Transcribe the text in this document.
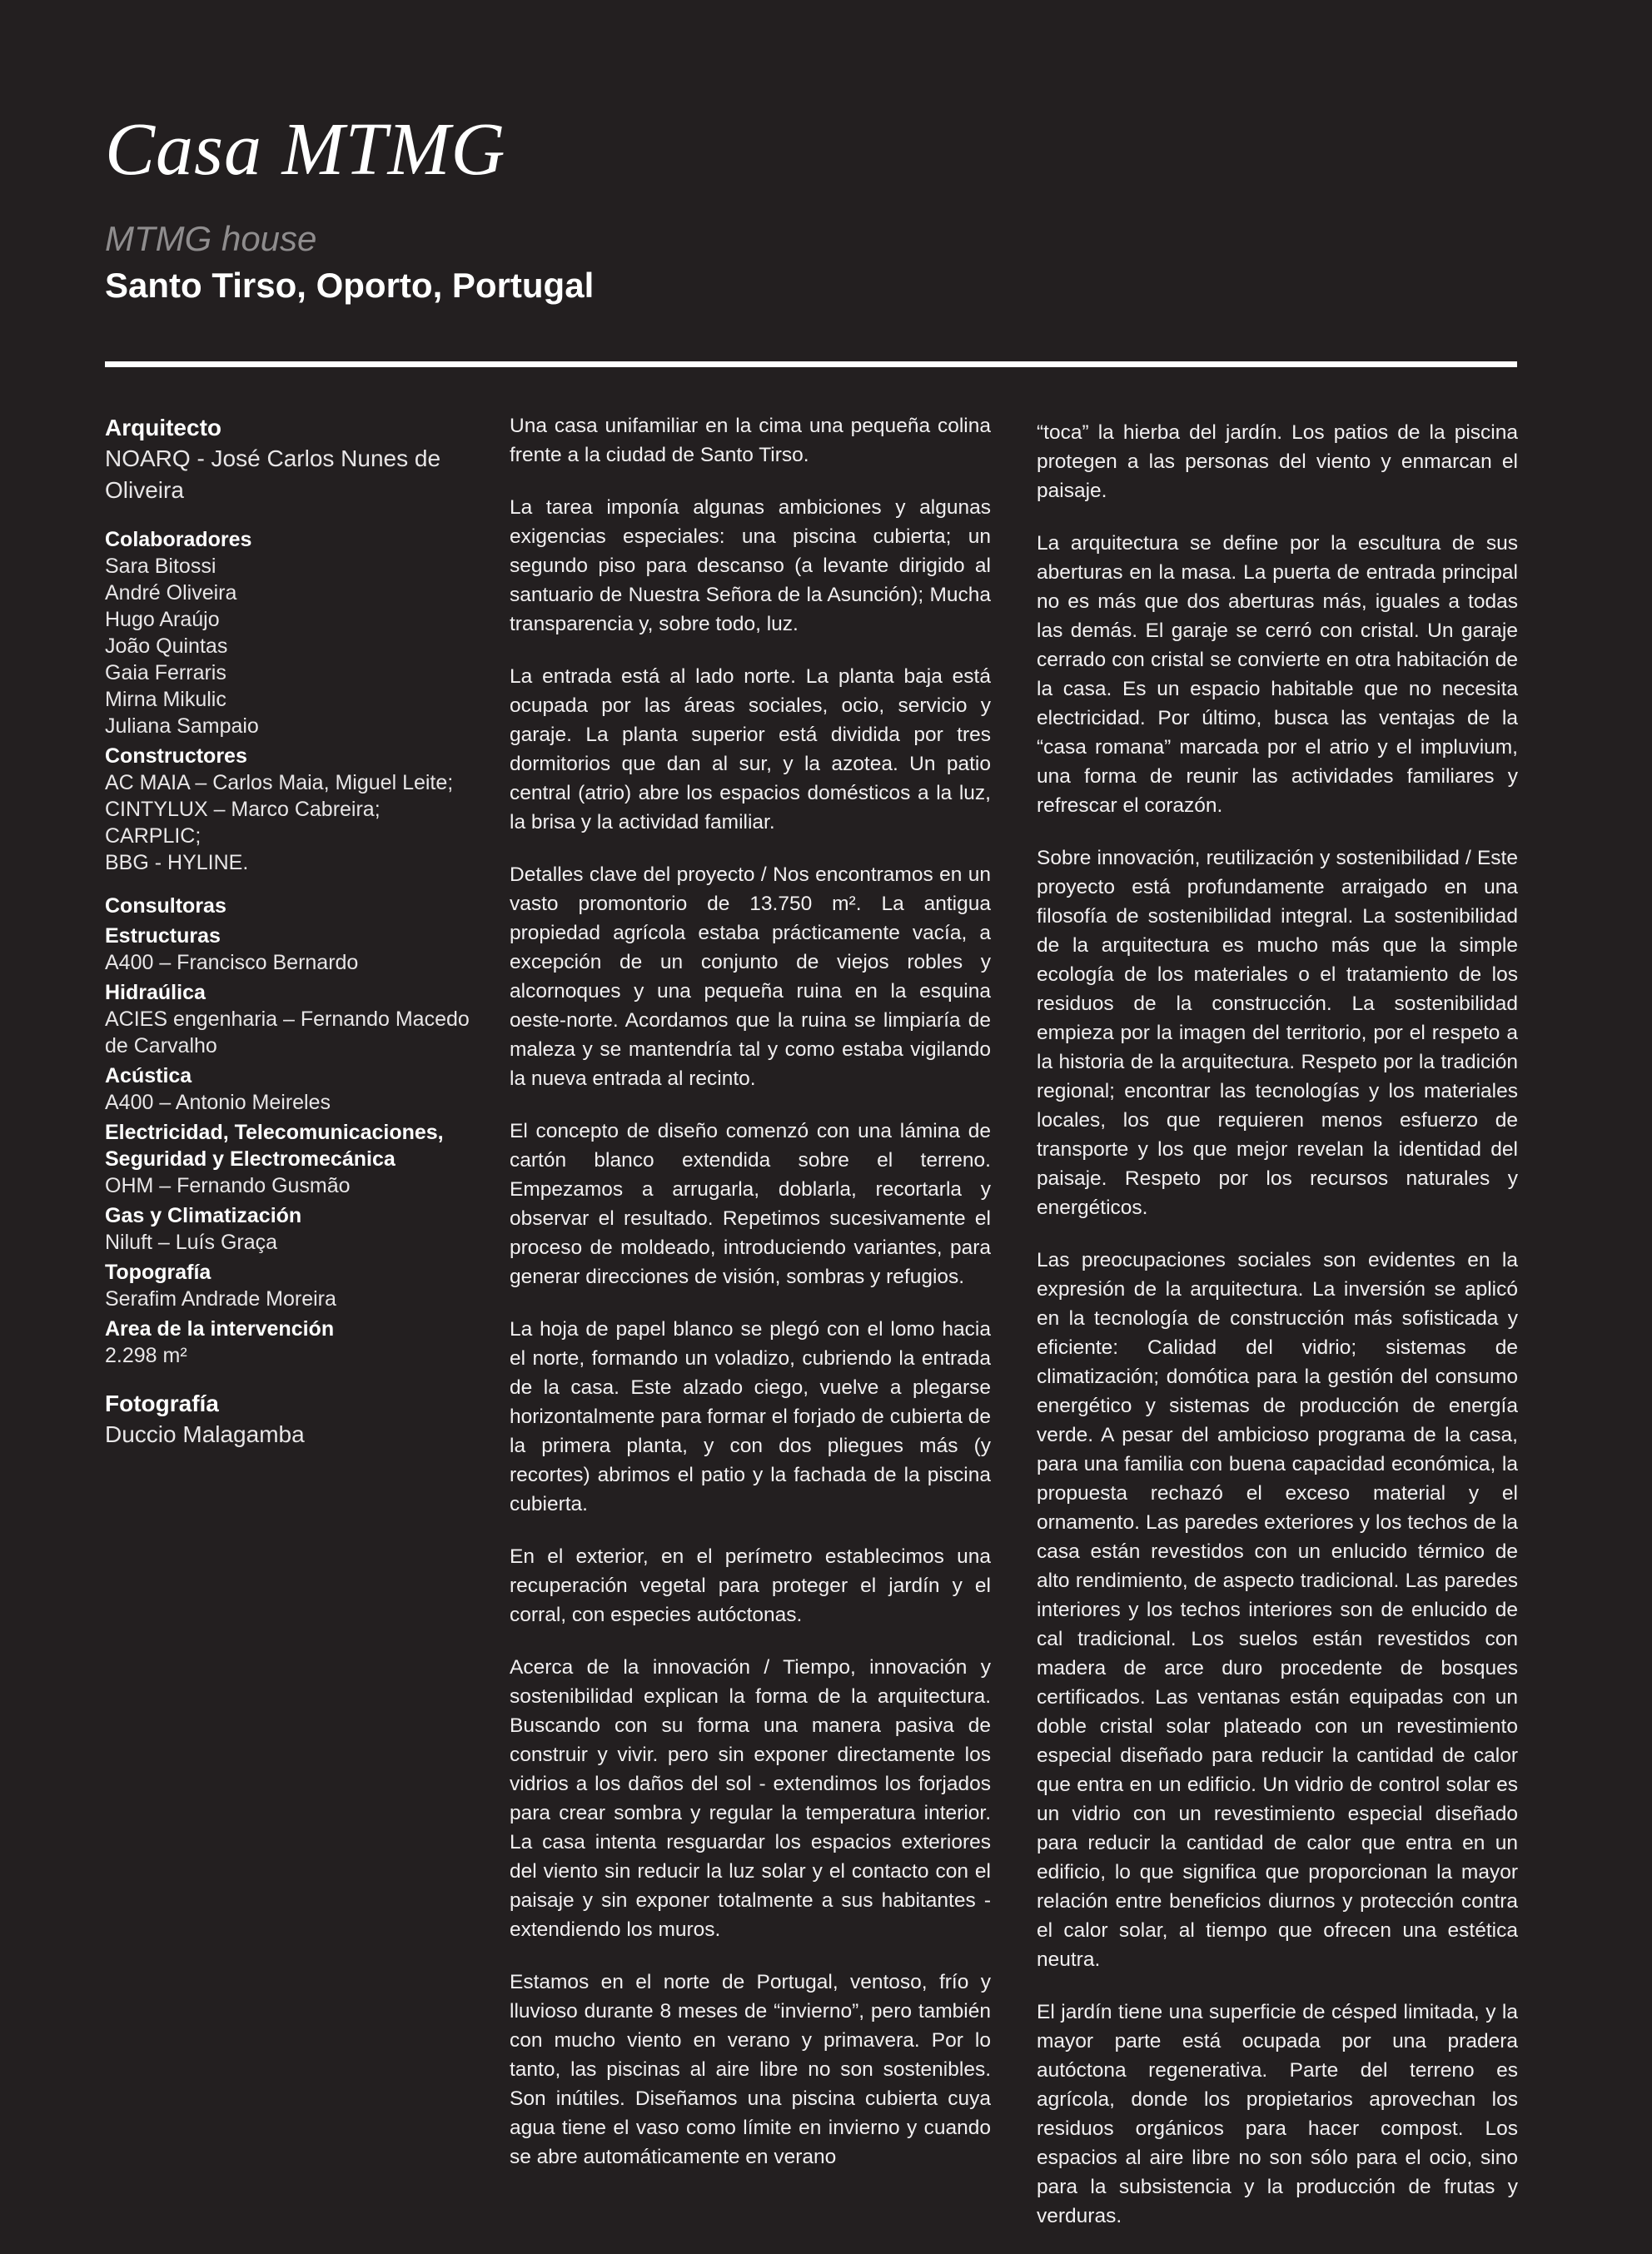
Casa MTMG
MTMG house
Santo Tirso, Oporto, Portugal
Arquitecto
NOARQ - José Carlos Nunes de Oliveira
Colaboradores
Sara Bitossi
André Oliveira
Hugo Araújo
João Quintas
Gaia Ferraris
Mirna Mikulic
Juliana Sampaio
Constructores
AC MAIA – Carlos Maia, Miguel Leite;
CINTYLUX – Marco Cabreira;
CARPLIC;
BBG - HYLINE.
Consultoras
Estructuras
A400 – Francisco Bernardo
Hidraúlica
ACIES engenharia – Fernando Macedo de Carvalho
Acústica
A400 – Antonio Meireles
Electricidad, Telecomunicaciones, Seguridad y Electromecánica
OHM – Fernando Gusmão
Gas y Climatización
Niluft – Luís Graça
Topografía
Serafim Andrade Moreira
Area de la intervención
2.298 m²
Fotografía
Duccio Malagamba

Una casa unifamiliar en la cima una pequeña colina frente a la ciudad de Santo Tirso.

La tarea imponía algunas ambiciones y algunas exigencias especiales: una piscina cubierta; un segundo piso para descanso (a levante dirigido al santuario de Nuestra Señora de la Asunción); Mucha transparencia y, sobre todo, luz.

La entrada está al lado norte. La planta baja está ocupada por las áreas sociales, ocio, servicio y garaje. La planta superior está dividida por tres dormitorios que dan al sur, y la azotea. Un patio central (atrio) abre los espacios domésticos a la luz, la brisa y la actividad familiar.

Detalles clave del proyecto / Nos encontramos en un vasto promontorio de 13.750 m². La antigua propiedad agrícola estaba prácticamente vacía, a excepción de un conjunto de viejos robles y alcornoques y una pequeña ruina en la esquina oeste-norte. Acordamos que la ruina se limpiaría de maleza y se mantendría tal y como estaba vigilando la nueva entrada al recinto.

El concepto de diseño comenzó con una lámina de cartón blanco extendida sobre el terreno. Empezamos a arrugarla, doblarla, recortarla y observar el resultado. Repetimos sucesivamente el proceso de moldeado, introduciendo variantes, para generar direcciones de visión, sombras y refugios.

La hoja de papel blanco se plegó con el lomo hacia el norte, formando un voladizo, cubriendo la entrada de la casa. Este alzado ciego, vuelve a plegarse horizontalmente para formar el forjado de cubierta de la primera planta, y con dos pliegues más (y recortes) abrimos el patio y la fachada de la piscina cubierta.

En el exterior, en el perímetro establecimos una recuperación vegetal para proteger el jardín y el corral, con especies autóctonas.

Acerca de la innovación / Tiempo, innovación y sostenibilidad explican la forma de la arquitectura. Buscando con su forma una manera pasiva de construir y vivir. pero sin exponer directamente los vidrios a los daños del sol - extendimos los forjados para crear sombra y regular la temperatura interior. La casa intenta resguardar los espacios exteriores del viento sin reducir la luz solar y el contacto con el paisaje y sin exponer totalmente a sus habitantes - extendiendo los muros.

Estamos en el norte de Portugal, ventoso, frío y lluvioso durante 8 meses de “invierno”, pero también con mucho viento en verano y primavera. Por lo tanto, las piscinas al aire libre no son sostenibles. Son inútiles. Diseñamos una piscina cubierta cuya agua tiene el vaso como límite en invierno y cuando se abre automáticamente en verano

“toca” la hierba del jardín. Los patios de la piscina protegen a las personas del viento y enmarcan el paisaje.

La arquitectura se define por la escultura de sus aberturas en la masa. La puerta de entrada principal no es más que dos aberturas más, iguales a todas las demás. El garaje se cerró con cristal. Un garaje cerrado con cristal se convierte en otra habitación de la casa. Es un espacio habitable que no necesita electricidad. Por último, busca las ventajas de la “casa romana” marcada por el atrio y el impluvium, una forma de reunir las actividades familiares y refrescar el corazón.

Sobre innovación, reutilización y sostenibilidad / Este proyecto está profundamente arraigado en una filosofía de sostenibilidad integral. La sostenibilidad de la arquitectura es mucho más que la simple ecología de los materiales o el tratamiento de los residuos de la construcción. La sostenibilidad empieza por la imagen del territorio, por el respeto a la historia de la arquitectura. Respeto por la tradición regional; encontrar las tecnologías y los materiales locales, los que requieren menos esfuerzo de transporte y los que mejor revelan la identidad del paisaje. Respeto por los recursos naturales y energéticos.

Las preocupaciones sociales son evidentes en la expresión de la arquitectura. La inversión se aplicó en la tecnología de construcción más sofisticada y eficiente: Calidad del vidrio; sistemas de climatización; domótica para la gestión del consumo energético y sistemas de producción de energía verde. A pesar del ambicioso programa de la casa, para una familia con buena capacidad económica, la propuesta rechazó el exceso material y el ornamento. Las paredes exteriores y los techos de la casa están revestidos con un enlucido térmico de alto rendimiento, de aspecto tradicional. Las paredes interiores y los techos interiores son de enlucido de cal tradicional. Los suelos están revestidos con madera de arce duro procedente de bosques certificados. Las ventanas están equipadas con un doble cristal solar plateado con un revestimiento especial diseñado para reducir la cantidad de calor que entra en un edificio. Un vidrio de control solar es un vidrio con un revestimiento especial diseñado para reducir la cantidad de calor que entra en un edificio, lo que significa que proporcionan la mayor relación entre beneficios diurnos y protección contra el calor solar, al tiempo que ofrecen una estética neutra.

El jardín tiene una superficie de césped limitada, y la mayor parte está ocupada por una pradera autóctona regenerativa. Parte del terreno es agrícola, donde los propietarios aprovechan los residuos orgánicos para hacer compost. Los espacios al aire libre no son sólo para el ocio, sino para la subsistencia y la producción de frutas y verduras.
